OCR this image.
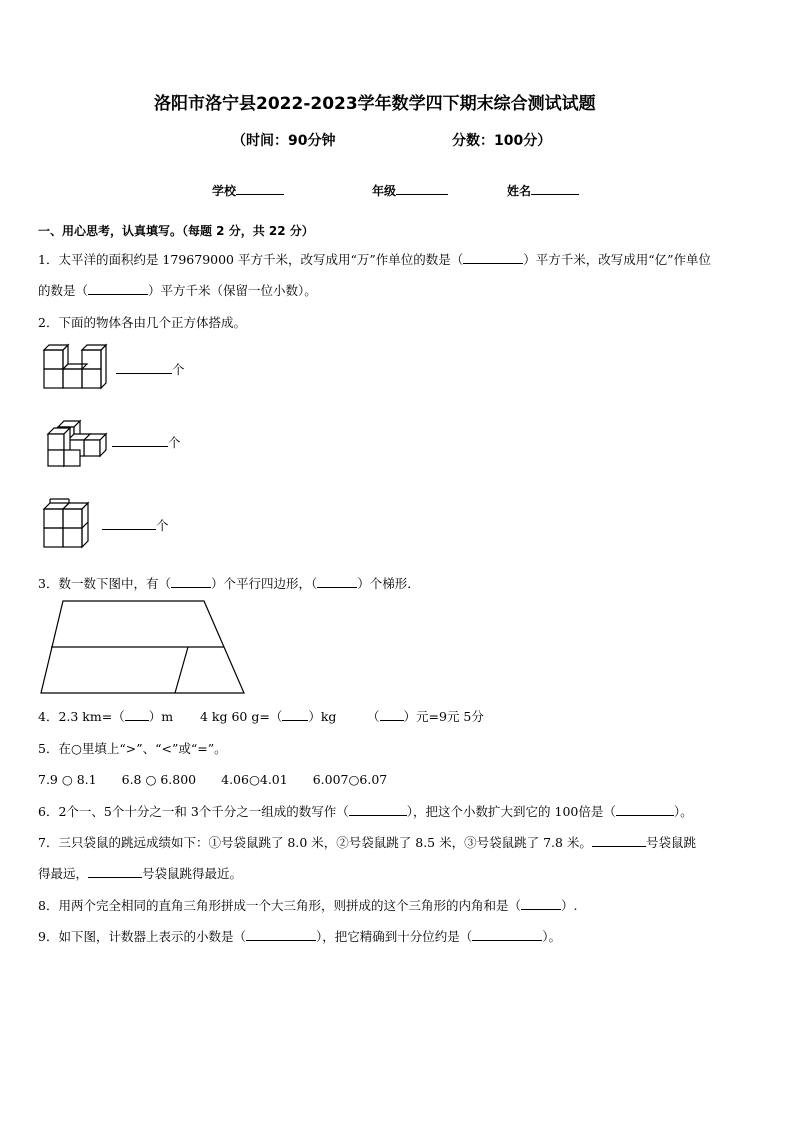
洛阳市洛宁县2022-2023学年数学四下期末综合测试试题
（时间：90分钟	分数：100分）
学校	年级	姓名
一、用心思考，认真填写。（每题 2 分，共 22 分）
1．太平洋的面积约是 179679000 平方千米，改写成用“万”作单位的数是（	）平方千米，改写成用“亿”作单位
的数是（	）平方千米（保留一位小数）。
2．下面的物体各由几个正方体搭成。
个
个
个
3．数一数下图中，有（	）个平行四边形，（	）个梯形．
4．2.3 km=（ ）m 4 kg 60 g=（ ）kg （ ）元=9元 5分
5．在○里填上“>”、“<”或“=”。
7.9 ○ 8.1　　6.8 ○ 6.800　　4.06○4.01　　6.007○6.07
6．2个一、5个十分之一和 3个千分之一组成的数写作（	），把这个小数扩大到它的 100倍是（	）。
7．三只袋鼠的跳远成绩如下：①号袋鼠跳了 8.0 米，②号袋鼠跳了 8.5 米，③号袋鼠跳了 7.8 米。	号袋鼠跳
得最远，	号袋鼠跳得最近。
8．用两个完全相同的直角三角形拼成一个大三角形，则拼成的这个三角形的内角和是（	）.
9．如下图，计数器上表示的小数是（	），把它精确到十分位约是（	）。
